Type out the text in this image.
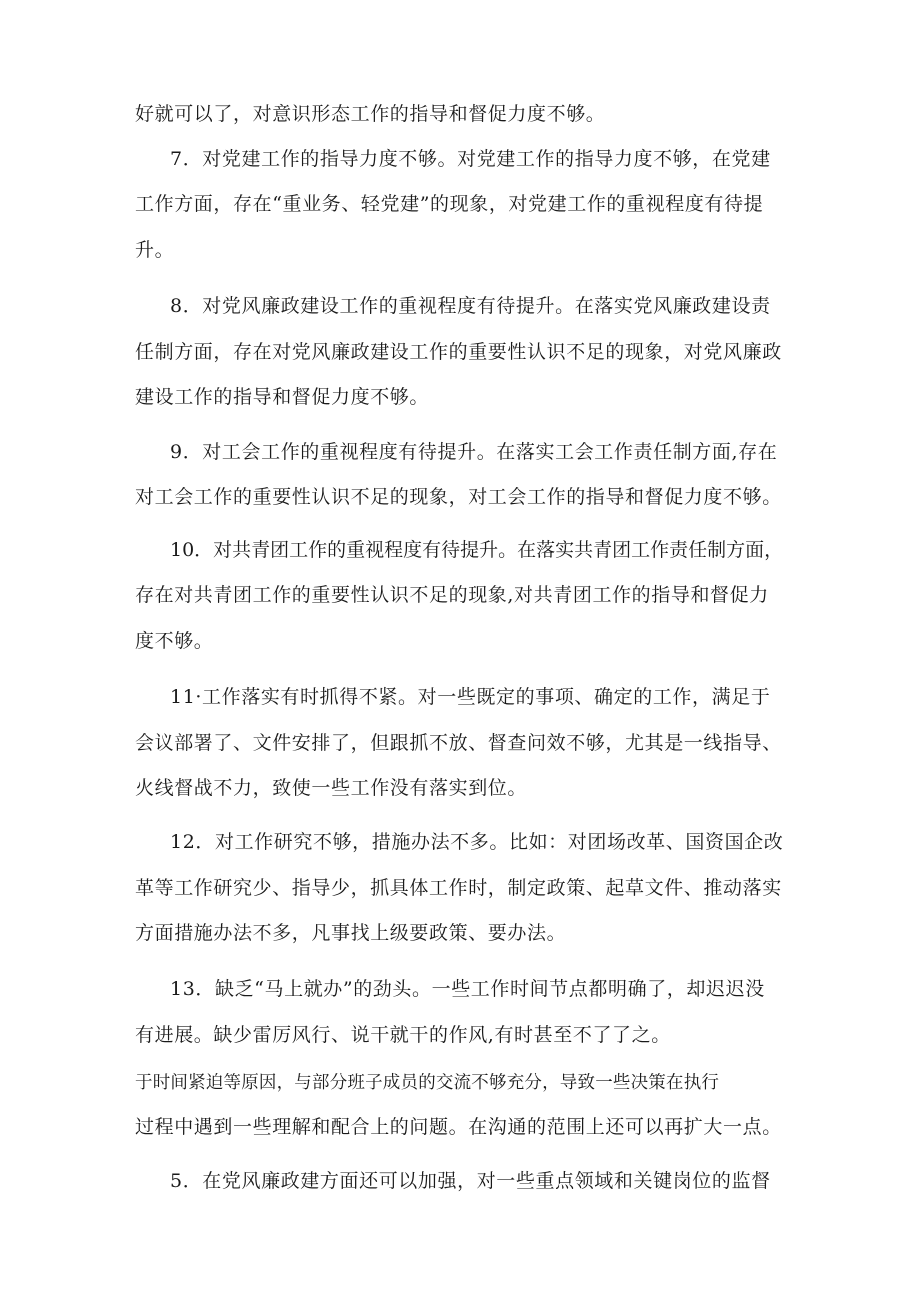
好就可以了，对意识形态工作的指导和督促力度不够。
7．对党建工作的指导力度不够。对党建工作的指导力度不够，在党建
工作方面，存在“重业务、轻党建”的现象，对党建工作的重视程度有待提
升。
8．对党风廉政建设工作的重视程度有待提升。在落实党风廉政建设责
任制方面，存在对党风廉政建设工作的重要性认识不足的现象，对党风廉政
建设工作的指导和督促力度不够。
9．对工会工作的重视程度有待提升。在落实工会工作责任制方面,存在
对工会工作的重要性认识不足的现象，对工会工作的指导和督促力度不够。
10．对共青团工作的重视程度有待提升。在落实共青团工作责任制方面，
存在对共青团工作的重要性认识不足的现象,对共青团工作的指导和督促力
度不够。
11·工作落实有时抓得不紧。对一些既定的事项、确定的工作，满足于
会议部署了、文件安排了，但跟抓不放、督查问效不够，尤其是一线指导、
火线督战不力，致使一些工作没有落实到位。
12．对工作研究不够，措施办法不多。比如：对团场改革、国资国企改
革等工作研究少、指导少，抓具体工作时，制定政策、起草文件、推动落实
方面措施办法不多，凡事找上级要政策、要办法。
13．缺乏“马上就办”的劲头。一些工作时间节点都明确了，却迟迟没
有进展。缺少雷厉风行、说干就干的作风,有时甚至不了了之。
于时间紧迫等原因，与部分班子成员的交流不够充分，导致一些决策在执行
过程中遇到一些理解和配合上的问题。在沟通的范围上还可以再扩大一点。
5．在党风廉政建方面还可以加强，对一些重点领域和关键岗位的监督
